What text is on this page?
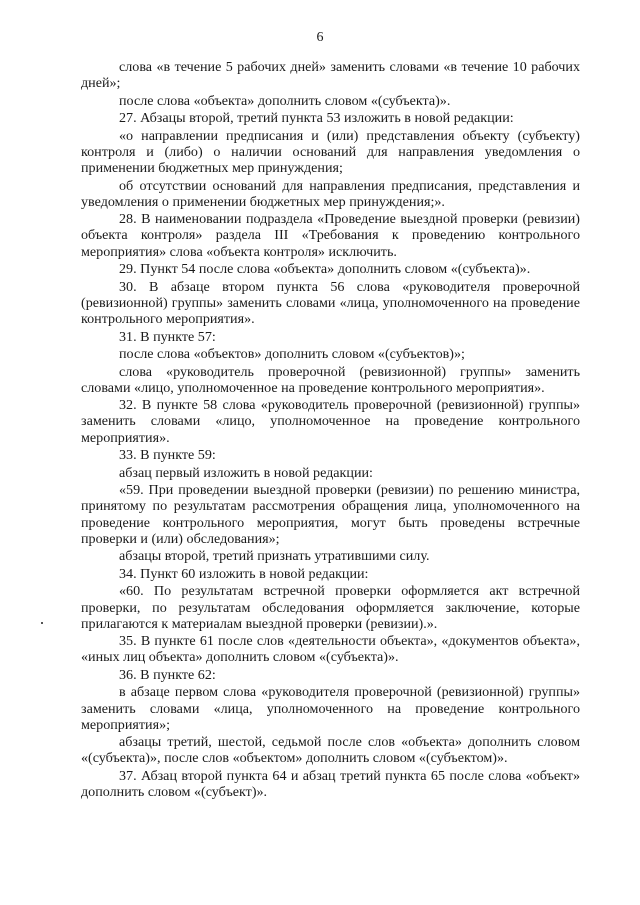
6

слова «в течение 5 рабочих дней» заменить словами «в течение 10 рабочих дней»;

после слова «объекта» дополнить словом «(субъекта)».

27. Абзацы второй, третий пункта 53 изложить в новой редакции:

«о направлении предписания и (или) представления объекту (субъекту) контроля и (либо) о наличии оснований для направления уведомления о применении бюджетных мер принуждения;

об отсутствии оснований для направления предписания, представления и уведомления о применении бюджетных мер принуждения;».

28. В наименовании подраздела «Проведение выездной проверки (ревизии) объекта контроля» раздела III «Требования к проведению контрольного мероприятия» слова «объекта контроля» исключить.

29. Пункт 54 после слова «объекта» дополнить словом «(субъекта)».

30. В абзаце втором пункта 56 слова «руководителя проверочной (ревизионной) группы» заменить словами «лица, уполномоченного на проведение контрольного мероприятия».

31. В пункте 57:

после слова «объектов» дополнить словом «(субъектов)»;

слова «руководитель проверочной (ревизионной) группы» заменить словами «лицо, уполномоченное на проведение контрольного мероприятия».

32. В пункте 58 слова «руководитель проверочной (ревизионной) группы» заменить словами «лицо, уполномоченное на проведение контрольного мероприятия».

33. В пункте 59:

абзац первый изложить в новой редакции:

«59. При проведении выездной проверки (ревизии) по решению министра, принятому по результатам рассмотрения обращения лица, уполномоченного на проведение контрольного мероприятия, могут быть проведены встречные проверки и (или) обследования»;

абзацы второй, третий признать утратившими силу.

34. Пункт 60 изложить в новой редакции:

«60. По результатам встречной проверки оформляется акт встречной проверки, по результатам обследования оформляется заключение, которые прилагаются к материалам выездной проверки (ревизии).».

35. В пункте 61 после слов «деятельности объекта», «документов объекта», «иных лиц объекта» дополнить словом «(субъекта)».

36. В пункте 62:

в абзаце первом слова «руководителя проверочной (ревизионной) группы» заменить словами «лица, уполномоченного на проведение контрольного мероприятия»;

абзацы третий, шестой, седьмой после слов «объекта» дополнить словом «(субъекта)», после слов «объектом» дополнить словом «(субъектом)».

37. Абзац второй пункта 64 и абзац третий пункта 65 после слова «объект» дополнить словом «(субъект)».
